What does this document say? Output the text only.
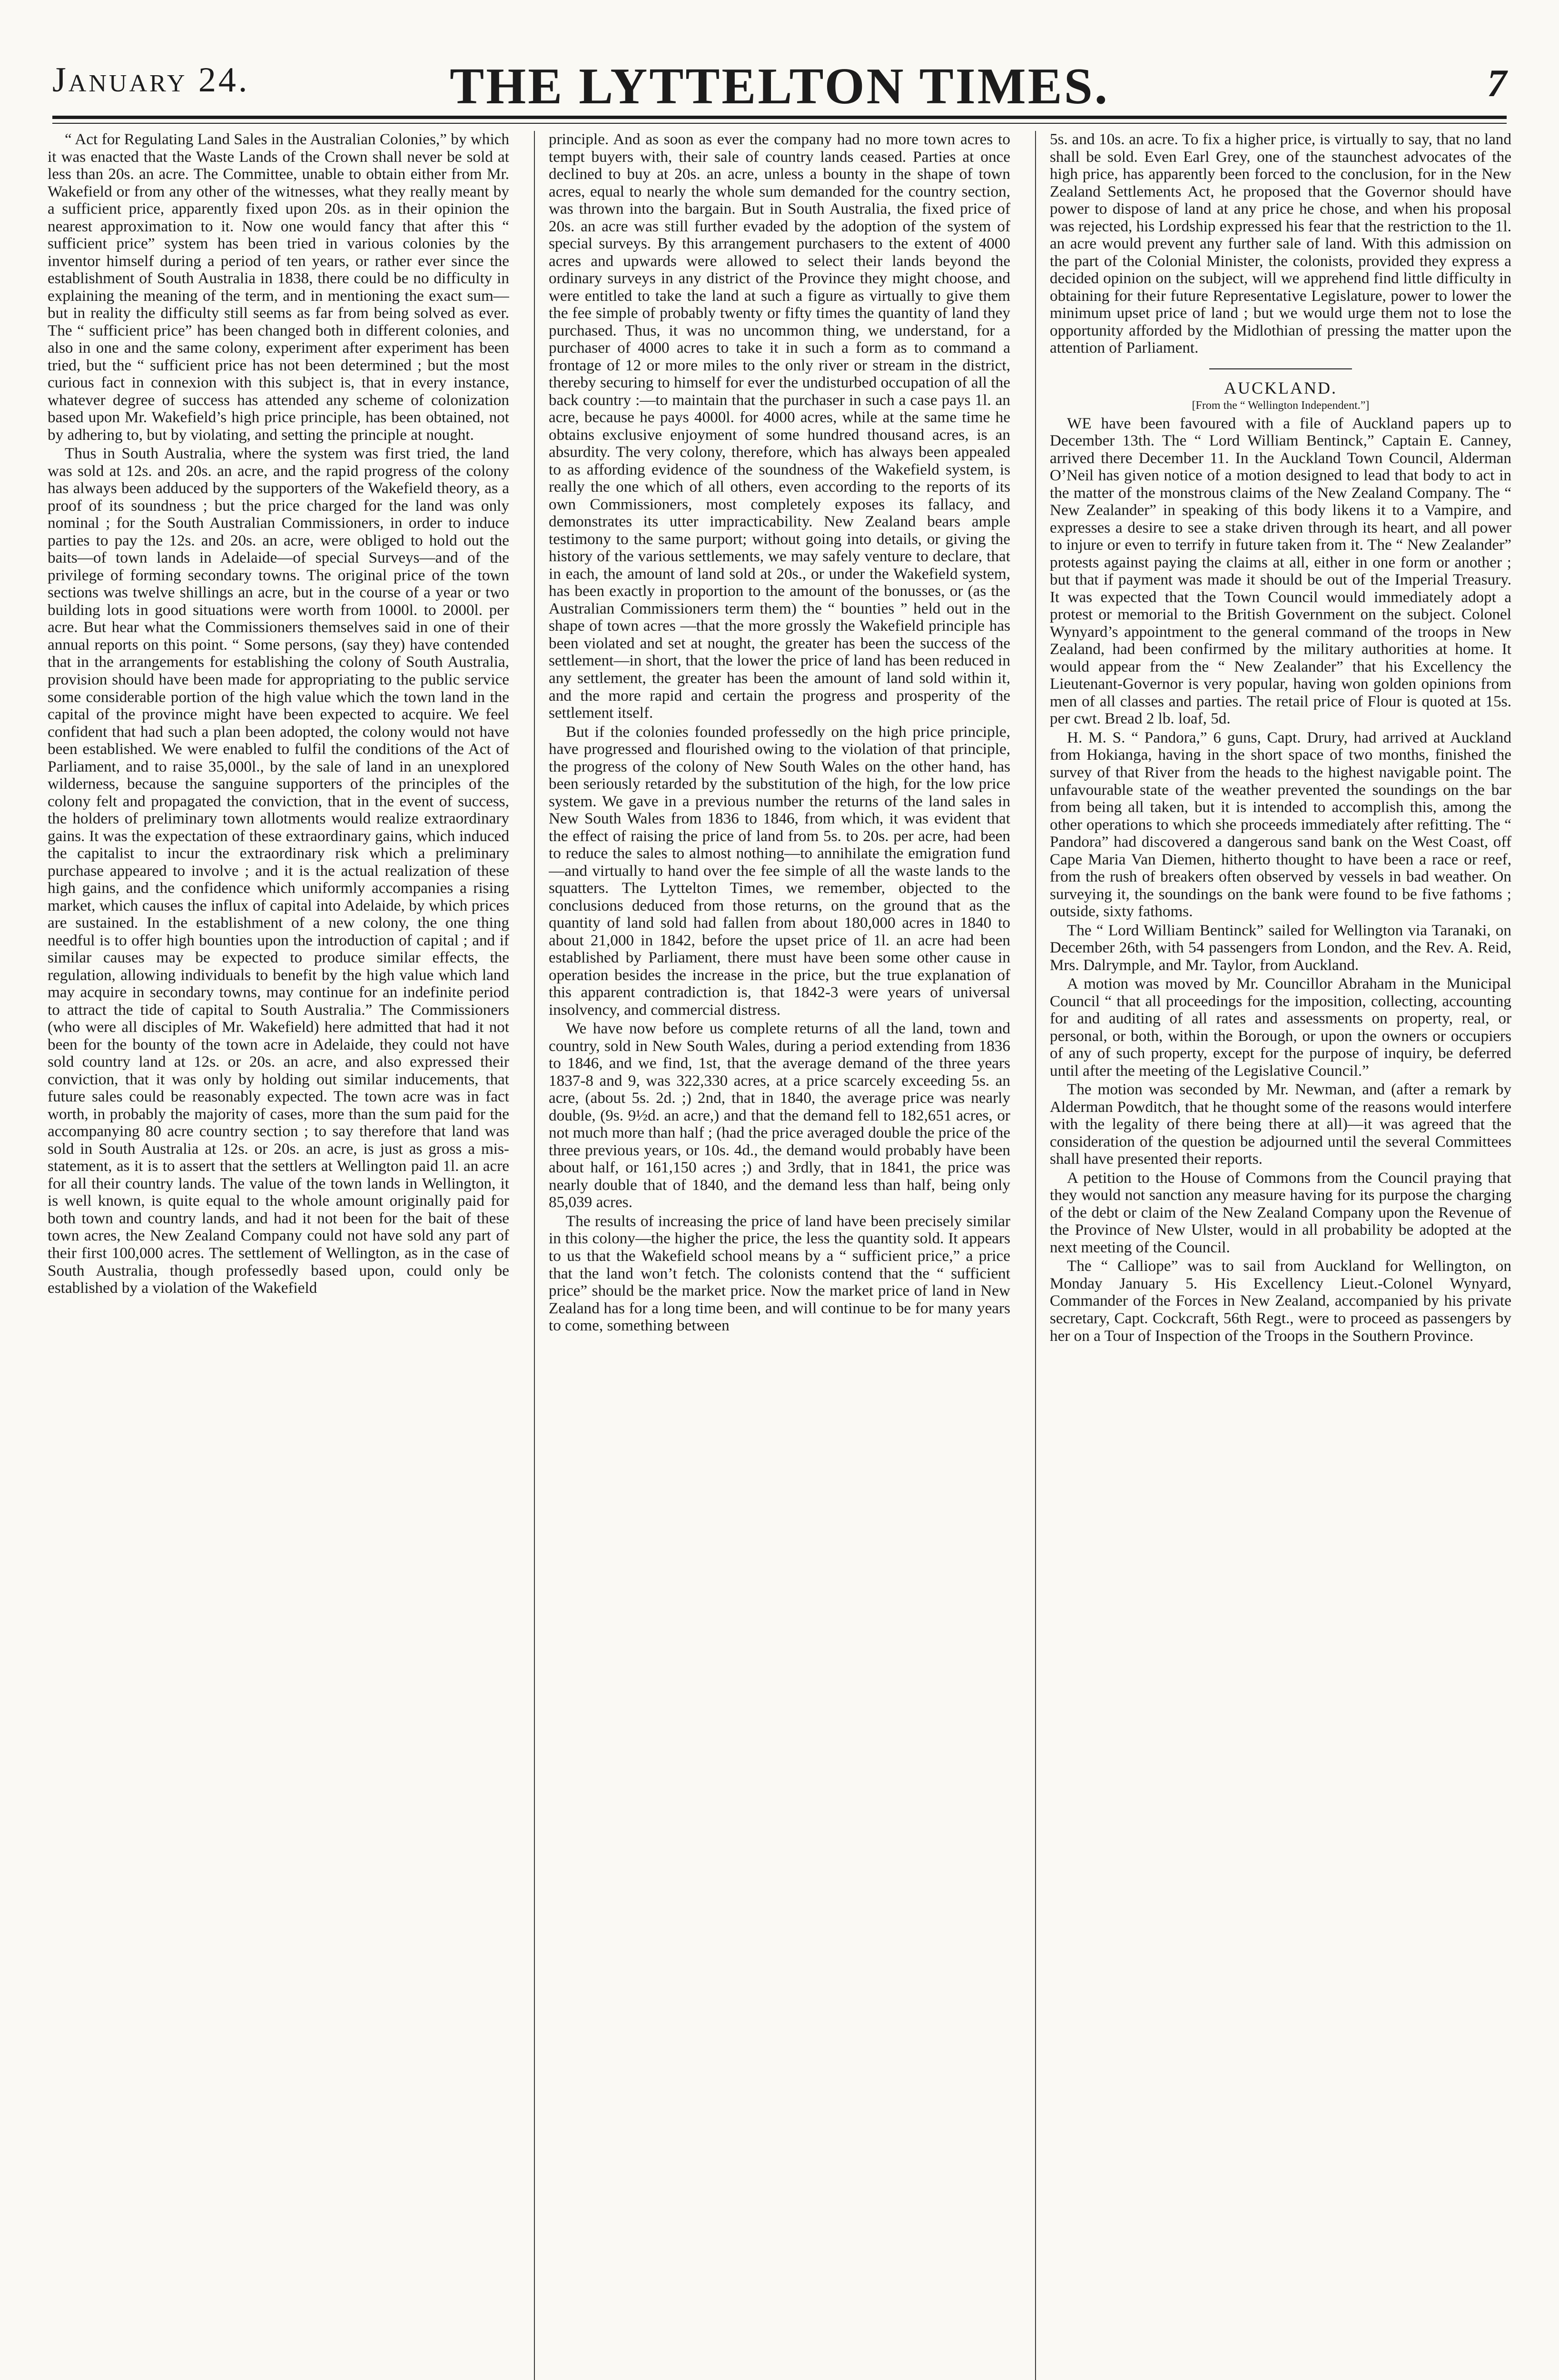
January 24.	THE LYTTELTON TIMES.	7

“ Act for Regulating Land Sales in the Australian Colonies,” by which it was enacted that the Waste Lands of the Crown shall never be sold at less than 20s. an acre. The Committee, unable to obtain either from Mr. Wakefield or from any other of the witnesses, what they really meant by a sufficient price, apparently fixed upon 20s. as in their opinion the nearest approximation to it. Now one would fancy that after this “ sufficient price” system has been tried in various colonies by the inventor himself during a period of ten years, or rather ever since the establishment of South Australia in 1838, there could be no difficulty in explaining the meaning of the term, and in mentioning the exact sum—but in reality the difficulty still seems as far from being solved as ever. The “ sufficient price” has been changed both in different colonies, and also in one and the same colony, experiment after experiment has been tried, but the “ sufficient price has not been determined ; but the most curious fact in connexion with this subject is, that in every instance, whatever degree of success has attended any scheme of colonization based upon Mr. Wakefield’s high price principle, has been obtained, not by adhering to, but by violating, and setting the principle at nought.

Thus in South Australia, where the system was first tried, the land was sold at 12s. and 20s. an acre, and the rapid progress of the colony has always been adduced by the supporters of the Wakefield theory, as a proof of its soundness ; but the price charged for the land was only nominal ; for the South Australian Commissioners, in order to induce parties to pay the 12s. and 20s. an acre, were obliged to hold out the baits—of town lands in Adelaide—of special Surveys—and of the privilege of forming secondary towns. The original price of the town sections was twelve shillings an acre, but in the course of a year or two building lots in good situations were worth from 1000l. to 2000l. per acre. But hear what the Commissioners themselves said in one of their annual reports on this point. “ Some persons, (say they) have contended that in the arrangements for establishing the colony of South Australia, provision should have been made for appropriating to the public service some considerable portion of the high value which the town land in the capital of the province might have been expected to acquire. We feel confident that had such a plan been adopted, the colony would not have been established. We were enabled to fulfil the conditions of the Act of Parliament, and to raise 35,000l., by the sale of land in an unexplored wilderness, because the sanguine supporters of the principles of the colony felt and propagated the conviction, that in the event of success, the holders of preliminary town allotments would realize extraordinary gains. It was the expectation of these extraordinary gains, which induced the capitalist to incur the extraordinary risk which a preliminary purchase appeared to involve ; and it is the actual realization of these high gains, and the confidence which uniformly accompanies a rising market, which causes the influx of capital into Adelaide, by which prices are sustained. In the establishment of a new colony, the one thing needful is to offer high bounties upon the introduction of capital ; and if similar causes may be expected to produce similar effects, the regulation, allowing individuals to benefit by the high value which land may acquire in secondary towns, may continue for an indefinite period to attract the tide of capital to South Australia.” The Commissioners (who were all disciples of Mr. Wakefield) here admitted that had it not been for the bounty of the town acre in Adelaide, they could not have sold country land at 12s. or 20s. an acre, and also expressed their conviction, that it was only by holding out similar inducements, that future sales could be reasonably expected. The town acre was in fact worth, in probably the majority of cases, more than the sum paid for the accompanying 80 acre country section ; to say therefore that land was sold in South Australia at 12s. or 20s. an acre, is just as gross a mis-statement, as it is to assert that the settlers at Wellington paid 1l. an acre for all their country lands. The value of the town lands in Wellington, it is well known, is quite equal to the whole amount originally paid for both town and country lands, and had it not been for the bait of these town acres, the New Zealand Company could not have sold any part of their first 100,000 acres. The settlement of Wellington, as in the case of South Australia, though professedly based upon, could only be established by a violation of the Wakefield

principle. And as soon as ever the company had no more town acres to tempt buyers with, their sale of country lands ceased. Parties at once declined to buy at 20s. an acre, unless a bounty in the shape of town acres, equal to nearly the whole sum demanded for the country section, was thrown into the bargain. But in South Australia, the fixed price of 20s. an acre was still further evaded by the adoption of the system of special surveys. By this arrangement purchasers to the extent of 4000 acres and upwards were allowed to select their lands beyond the ordinary surveys in any district of the Province they might choose, and were entitled to take the land at such a figure as virtually to give them the fee simple of probably twenty or fifty times the quantity of land they purchased. Thus, it was no uncommon thing, we understand, for a purchaser of 4000 acres to take it in such a form as to command a frontage of 12 or more miles to the only river or stream in the district, thereby securing to himself for ever the undisturbed occupation of all the back country :—to maintain that the purchaser in such a case pays 1l. an acre, because he pays 4000l. for 4000 acres, while at the same time he obtains exclusive enjoyment of some hundred thousand acres, is an absurdity. The very colony, therefore, which has always been appealed to as affording evidence of the soundness of the Wakefield system, is really the one which of all others, even according to the reports of its own Commissioners, most completely exposes its fallacy, and demonstrates its utter impracticability. New Zealand bears ample testimony to the same purport; without going into details, or giving the history of the various settlements, we may safely venture to declare, that in each, the amount of land sold at 20s., or under the Wakefield system, has been exactly in proportion to the amount of the bonusses, or (as the Australian Commissioners term them) the “ bounties ” held out in the shape of town acres —that the more grossly the Wakefield principle has been violated and set at nought, the greater has been the success of the settlement—in short, that the lower the price of land has been reduced in any settlement, the greater has been the amount of land sold within it, and the more rapid and certain the progress and prosperity of the settlement itself.

But if the colonies founded professedly on the high price principle, have progressed and flourished owing to the violation of that principle, the progress of the colony of New South Wales on the other hand, has been seriously retarded by the substitution of the high, for the low price system. We gave in a previous number the returns of the land sales in New South Wales from 1836 to 1846, from which, it was evident that the effect of raising the price of land from 5s. to 20s. per acre, had been to reduce the sales to almost nothing—to annihilate the emigration fund—and virtually to hand over the fee simple of all the waste lands to the squatters. The Lyttelton Times, we remember, objected to the conclusions deduced from those returns, on the ground that as the quantity of land sold had fallen from about 180,000 acres in 1840 to about 21,000 in 1842, before the upset price of 1l. an acre had been established by Parliament, there must have been some other cause in operation besides the increase in the price, but the true explanation of this apparent contradiction is, that 1842-3 were years of universal insolvency, and commercial distress.

We have now before us complete returns of all the land, town and country, sold in New South Wales, during a period extending from 1836 to 1846, and we find, 1st, that the average demand of the three years 1837-8 and 9, was 322,330 acres, at a price scarcely exceeding 5s. an acre, (about 5s. 2d. ;) 2nd, that in 1840, the average price was nearly double, (9s. 9½d. an acre,) and that the demand fell to 182,651 acres, or not much more than half ; (had the price averaged double the price of the three previous years, or 10s. 4d., the demand would probably have been about half, or 161,150 acres ;) and 3rdly, that in 1841, the price was nearly double that of 1840, and the demand less than half, being only 85,039 acres.

The results of increasing the price of land have been precisely similar in this colony—the higher the price, the less the quantity sold. It appears to us that the Wakefield school means by a “ sufficient price,” a price that the land won’t fetch. The colonists contend that the “ sufficient price” should be the market price. Now the market price of land in New Zealand has for a long time been, and will continue to be for many years to come, something between

5s. and 10s. an acre. To fix a higher price, is virtually to say, that no land shall be sold. Even Earl Grey, one of the staunchest advocates of the high price, has apparently been forced to the conclusion, for in the New Zealand Settlements Act, he proposed that the Governor should have power to dispose of land at any price he chose, and when his proposal was rejected, his Lordship expressed his fear that the restriction to the 1l. an acre would prevent any further sale of land. With this admission on the part of the Colonial Minister, the colonists, provided they express a decided opinion on the subject, will we apprehend find little difficulty in obtaining for their future Representative Legislature, power to lower the minimum upset price of land ; but we would urge them not to lose the opportunity afforded by the Midlothian of pressing the matter upon the attention of Parliament.

AUCKLAND.
[From the “ Wellington Independent.”]

WE have been favoured with a file of Auckland papers up to December 13th. The “ Lord William Bentinck,” Captain E. Canney, arrived there December 11. In the Auckland Town Council, Alderman O’Neil has given notice of a motion designed to lead that body to act in the matter of the monstrous claims of the New Zealand Company. The “ New Zealander” in speaking of this body likens it to a Vampire, and expresses a desire to see a stake driven through its heart, and all power to injure or even to terrify in future taken from it. The “ New Zealander” protests against paying the claims at all, either in one form or another ; but that if payment was made it should be out of the Imperial Treasury. It was expected that the Town Council would immediately adopt a protest or memorial to the British Government on the subject. Colonel Wynyard’s appointment to the general command of the troops in New Zealand, had been confirmed by the military authorities at home. It would appear from the “ New Zealander” that his Excellency the Lieutenant-Governor is very popular, having won golden opinions from men of all classes and parties. The retail price of Flour is quoted at 15s. per cwt. Bread 2 lb. loaf, 5d.

H. M. S. “ Pandora,” 6 guns, Capt. Drury, had arrived at Auckland from Hokianga, having in the short space of two months, finished the survey of that River from the heads to the highest navigable point. The unfavourable state of the weather prevented the soundings on the bar from being all taken, but it is intended to accomplish this, among the other operations to which she proceeds immediately after refitting. The “ Pandora” had discovered a dangerous sand bank on the West Coast, off Cape Maria Van Diemen, hitherto thought to have been a race or reef, from the rush of breakers often observed by vessels in bad weather. On surveying it, the soundings on the bank were found to be five fathoms ; outside, sixty fathoms.

The “ Lord William Bentinck” sailed for Wellington via Taranaki, on December 26th, with 54 passengers from London, and the Rev. A. Reid, Mrs. Dalrymple, and Mr. Taylor, from Auckland.

A motion was moved by Mr. Councillor Abraham in the Municipal Council “ that all proceedings for the imposition, collecting, accounting for and auditing of all rates and assessments on property, real, or personal, or both, within the Borough, or upon the owners or occupiers of any of such property, except for the purpose of inquiry, be deferred until after the meeting of the Legislative Council.”

The motion was seconded by Mr. Newman, and (after a remark by Alderman Powditch, that he thought some of the reasons would interfere with the legality of there being there at all)—it was agreed that the consideration of the question be adjourned until the several Committees shall have presented their reports.

A petition to the House of Commons from the Council praying that they would not sanction any measure having for its purpose the charging of the debt or claim of the New Zealand Company upon the Revenue of the Province of New Ulster, would in all probability be adopted at the next meeting of the Council.

The “ Calliope” was to sail from Auckland for Wellington, on Monday January 5. His Excellency Lieut.-Colonel Wynyard, Commander of the Forces in New Zealand, accompanied by his private secretary, Capt. Cockcraft, 56th Regt., were to proceed as passengers by her on a Tour of Inspection of the Troops in the Southern Province.
